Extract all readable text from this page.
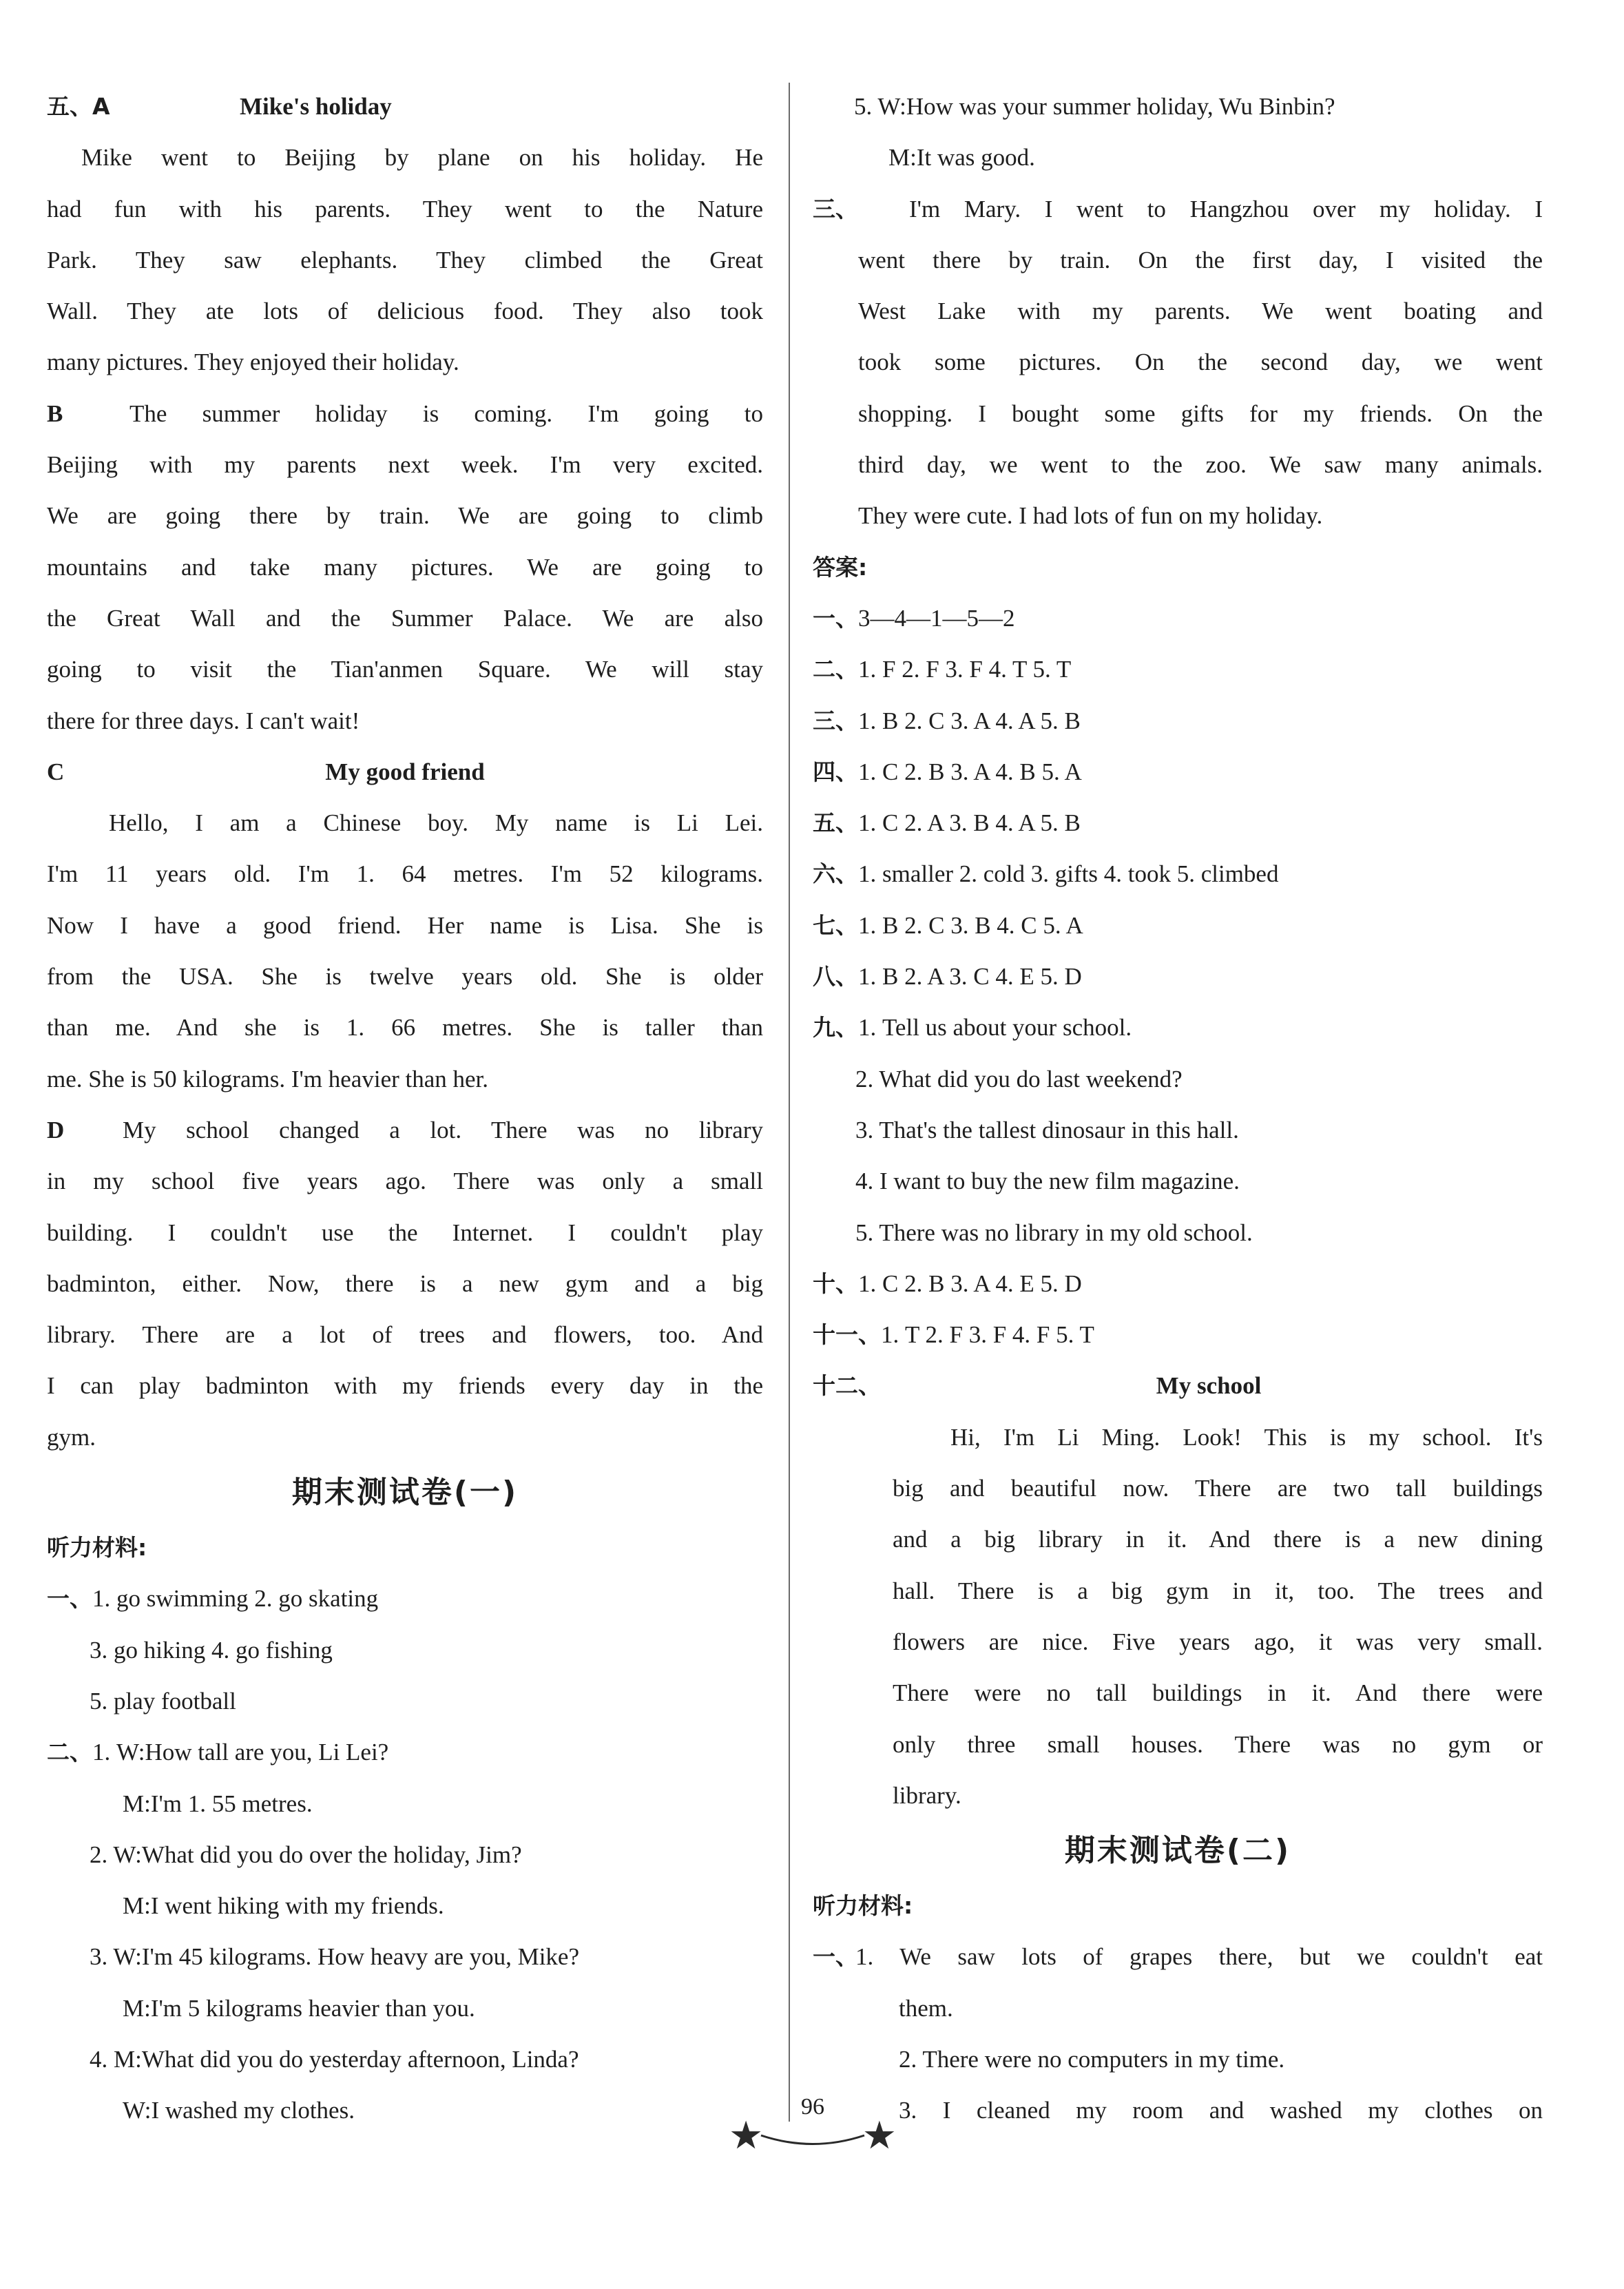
五、A	Mike's holiday
Mike went to Beijing by plane on his holiday. He
had fun with his parents. They went to the Nature
Park. They saw elephants. They climbed the Great
Wall. They ate lots of delicious food. They also took
many pictures. They enjoyed their holiday.
B	The summer holiday is coming. I'm going to
Beijing with my parents next week. I'm very excited.
We are going there by train. We are going to climb
mountains and take many pictures. We are going to
the Great Wall and the Summer Palace. We are also
going to visit the Tian'anmen Square. We will stay
there for three days. I can't wait!
C	My good friend
Hello, I am a Chinese boy. My name is Li Lei.
I'm 11 years old. I'm 1. 64 metres. I'm 52 kilograms.
Now I have a good friend. Her name is Lisa. She is
from the USA. She is twelve years old. She is older
than me. And she is 1. 66 metres. She is taller than
me. She is 50 kilograms. I'm heavier than her.
D	My school changed a lot. There was no library
in my school five years ago. There was only a small
building. I couldn't use the Internet. I couldn't play
badminton, either. Now, there is a new gym and a big
library. There are a lot of trees and flowers, too. And
I can play badminton with my friends every day in the
gym.
期末测试卷(一)
听力材料:
一、1. go swimming 2. go skating
3. go hiking 4. go fishing
5. play football
二、1. W:How tall are you, Li Lei?
M:I'm 1. 55 metres.
2. W:What did you do over the holiday, Jim?
M:I went hiking with my friends.
3. W:I'm 45 kilograms. How heavy are you, Mike?
M:I'm 5 kilograms heavier than you.
4. M:What did you do yesterday afternoon, Linda?
W:I washed my clothes.
5. W:How was your summer holiday, Wu Binbin?
M:It was good.
三、	I'm Mary. I went to Hangzhou over my holiday. I
went there by train. On the first day, I visited the
West Lake with my parents. We went boating and
took some pictures. On the second day, we went
shopping. I bought some gifts for my friends. On the
third day, we went to the zoo. We saw many animals.
They were cute. I had lots of fun on my holiday.
答案:
一、3—4—1—5—2
二、1. F 2. F 3. F 4. T 5. T
三、1. B 2. C 3. A 4. A 5. B
四、1. C 2. B 3. A 4. B 5. A
五、1. C 2. A 3. B 4. A 5. B
六、1. smaller 2. cold 3. gifts 4. took 5. climbed
七、1. B 2. C 3. B 4. C 5. A
八、1. B 2. A 3. C 4. E 5. D
九、1. Tell us about your school.
2. What did you do last weekend?
3. That's the tallest dinosaur in this hall.
4. I want to buy the new film magazine.
5. There was no library in my old school.
十、1. C 2. B 3. A 4. E 5. D
十一、1. T 2. F 3. F 4. F 5. T
十二、	My school
Hi, I'm Li Ming. Look! This is my school. It's
big and beautiful now. There are two tall buildings
and a big library in it. And there is a new dining
hall. There is a big gym in it, too. The trees and
flowers are nice. Five years ago, it was very small.
There were no tall buildings in it. And there were
only three small houses. There was no gym or
library.
期末测试卷(二)
听力材料:
一、
1. We saw lots of grapes there, but we couldn't eat
them.
2. There were no computers in my time.
3. I cleaned my room and washed my clothes on
96
★	★
